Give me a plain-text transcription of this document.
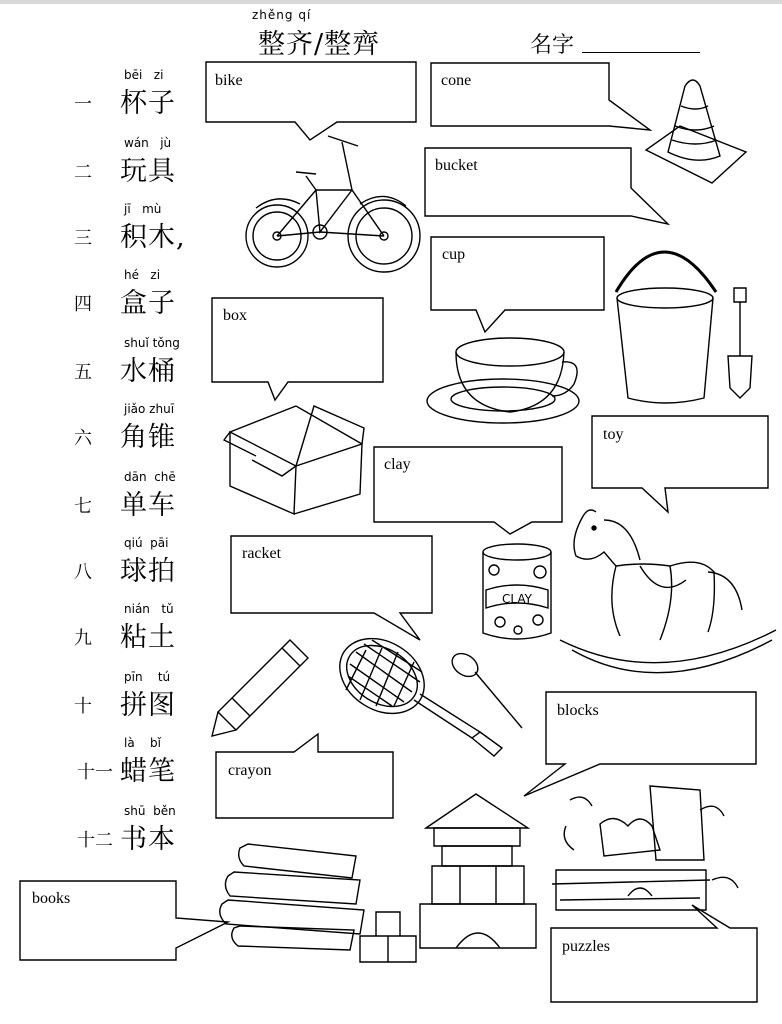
zhěng qí
整齐/整齊	名字
一
bēi   zi
杯子
二
wán   jù
玩具
三
jī   mù
积木,
四
hé   zi
盒子
五
shuǐ tǒng
水桶
六
jiǎo zhuī
角锥
七
dān  chē
单车
八
qiú  pāi
球拍
九
nián   tǔ
粘土
十
pīn    tú
拼图
十一
là    bǐ
蜡笔
十二
shū  běn
书本
CLAY
bike	cone
bucket
cup
box
clay
toy
racket
blocks
crayon
books
puzzles
